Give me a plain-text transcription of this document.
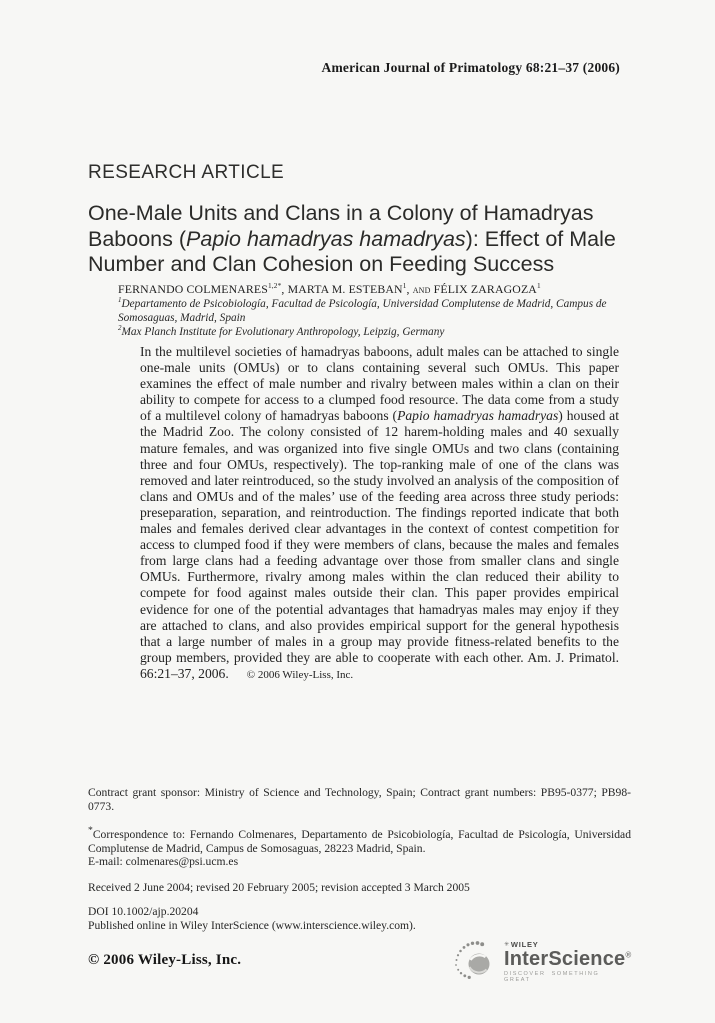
American Journal of Primatology 68:21–37 (2006)
RESEARCH ARTICLE
One-Male Units and Clans in a Colony of Hamadryas Baboons (Papio hamadryas hamadryas): Effect of Male Number and Clan Cohesion on Feeding Success
FERNANDO $COLMENARES^{1,2*}$, MARTA M. ESTEBAN$^1$, and FÉLIX ZARAGOZA$^1$
$^1$Departamento de Psicobiología, Facultad de Psicología, Universidad Complutense de Madrid, Campus de Somosaguas, Madrid, Spain
$^2$Max Planch Institute for Evolutionary Anthropology, Leipzig, Germany

In the multilevel societies of hamadryas baboons, adult males can be attached to single one-male units (OMUs) or to clans containing several such OMUs. This paper examines the effect of male number and rivalry between males within a clan on their ability to compete for access to a clumped food resource. The data come from a study of a multilevel colony of hamadryas baboons (Papio hamadryas hamadryas) housed at the Madrid Zoo. The colony consisted of 12 harem-holding males and 40 sexually mature females, and was organized into five single OMUs and two clans (containing three and four OMUs, respectively). The top-ranking male of one of the clans was removed and later reintroduced, so the study involved an analysis of the composition of clans and OMUs and of the males’ use of the feeding area across three study periods: preseparation, separation, and reintroduction. The findings reported indicate that both males and females derived clear advantages in the context of contest competition for access to clumped food if they were members of clans, because the males and females from large clans had a feeding advantage over those from smaller clans and single OMUs. Furthermore, rivalry among males within the clan reduced their ability to compete for food against males outside their clan. This paper provides empirical evidence for one of the potential advantages that hamadryas males may enjoy if they are attached to clans, and also provides empirical support for the general hypothesis that a large number of males in a group may provide fitness-related benefits to the group members, provided they are able to cooperate with each other. Am. J. Primatol. 66:21–37, 2006. © 2006 Wiley-Liss, Inc.

Contract grant sponsor: Ministry of Science and Technology, Spain; Contract grant numbers: PB95-0377; PB98-0773.

*Correspondence to: Fernando Colmenares, Departamento de Psicobiología, Facultad de Psicología, Universidad Complutense de Madrid, Campus de Somosaguas, 28223 Madrid, Spain.
E-mail: colmenares@psi.ucm.es

Received 2 June 2004; revised 20 February 2005; revision accepted 3 March 2005

DOI 10.1002/ajp.20204

Published online in Wiley InterScience (www.interscience.wiley.com).

© 2006 Wiley-Liss, Inc.
✳ WILEY
InterScience®
DISCOVER SOMETHING GREAT
